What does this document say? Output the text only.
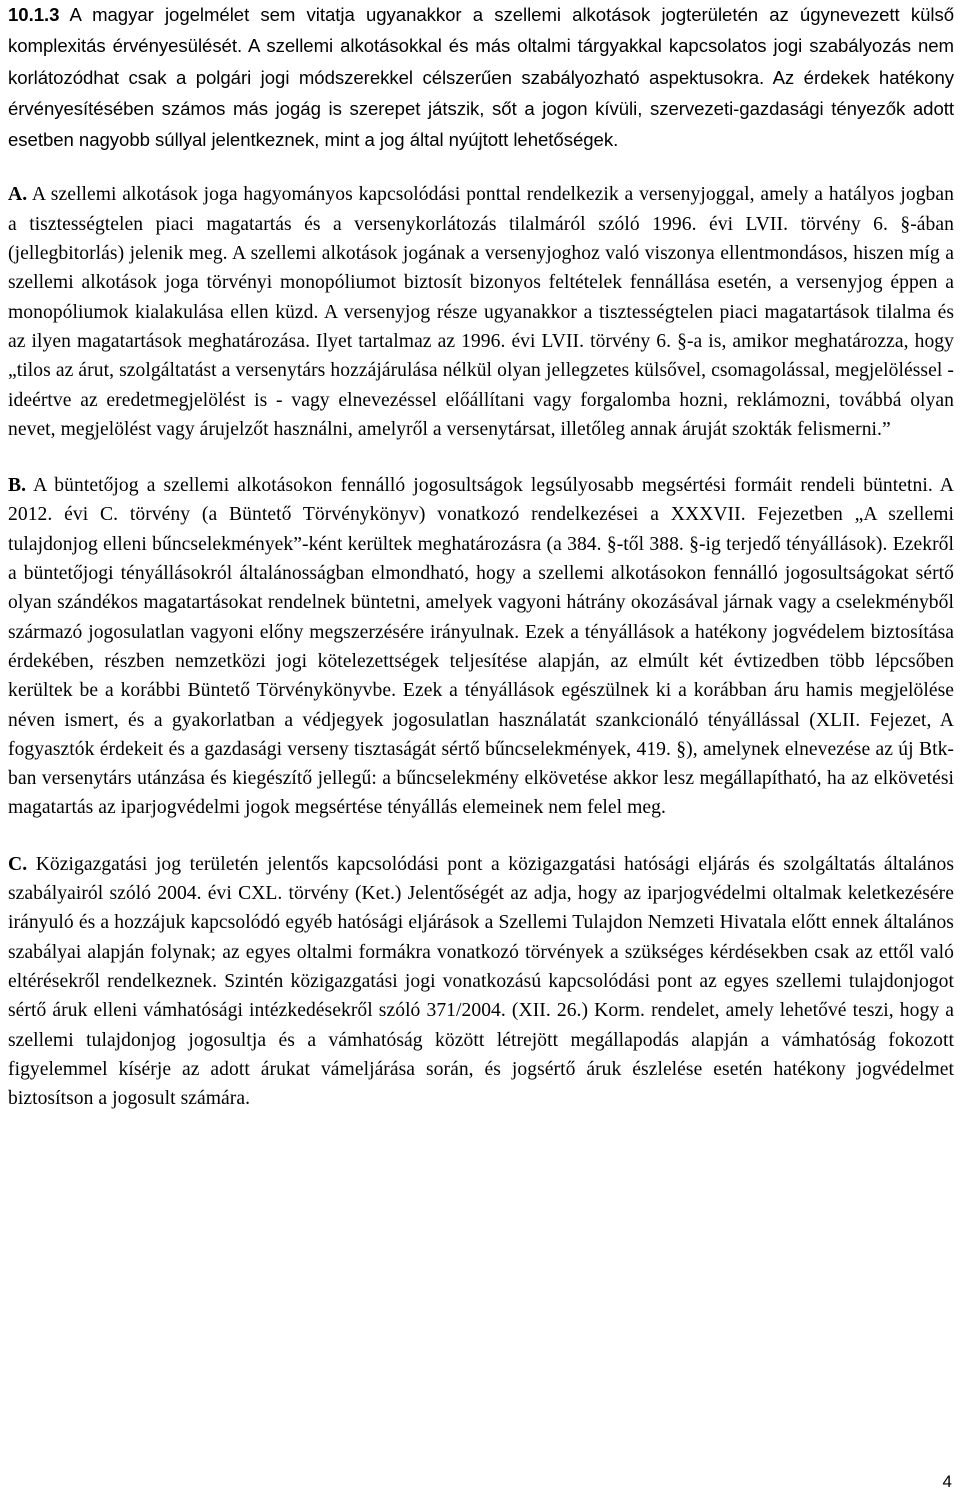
10.1.3 A magyar jogelmélet sem vitatja ugyanakkor a szellemi alkotások jogterületén az úgynevezett külső komplexitás érvényesülését. A szellemi alkotásokkal és más oltalmi tárgyakkal kapcsolatos jogi szabályozás nem korlátozódhat csak a polgári jogi módszerekkel célszerűen szabályozható aspektusokra. Az érdekek hatékony érvényesítésében számos más jogág is szerepet játszik, sőt a jogon kívüli, szervezeti-gazdasági tényezők adott esetben nagyobb súllyal jelentkeznek, mint a jog által nyújtott lehetőségek.

A. A szellemi alkotások joga hagyományos kapcsolódási ponttal rendelkezik a versenyjoggal, amely a hatályos jogban a tisztességtelen piaci magatartás és a versenykorlátozás tilalmáról szóló 1996. évi LVII. törvény 6. §-ában (jellegbitorlás) jelenik meg. A szellemi alkotások jogának a versenyjoghoz való viszonya ellentmondásos, hiszen míg a szellemi alkotások joga törvényi monopóliumot biztosít bizonyos feltételek fennállása esetén, a versenyjog éppen a monopóliumok kialakulása ellen küzd. A versenyjog része ugyanakkor a tisztességtelen piaci magatartások tilalma és az ilyen magatartások meghatározása. Ilyet tartalmaz az 1996. évi LVII. törvény 6. §-a is, amikor meghatározza, hogy „tilos az árut, szolgáltatást a versenytárs hozzájárulása nélkül olyan jellegzetes külsővel, csomagolással, megjelöléssel - ideértve az eredetmegjelölést is - vagy elnevezéssel előállítani vagy forgalomba hozni, reklámozni, továbbá olyan nevet, megjelölést vagy árujelzőt használni, amelyről a versenytársat, illetőleg annak áruját szokták felismerni.”

B. A büntetőjog a szellemi alkotásokon fennálló jogosultságok legsúlyosabb megsértési formáit rendeli büntetni. A 2012. évi C. törvény (a Büntető Törvénykönyv) vonatkozó rendelkezései a XXXVII. Fejezetben „A szellemi tulajdonjog elleni bűncselekmények”-ként kerültek meghatározásra (a 384. §-től 388. §-ig terjedő tényállások). Ezekről a büntetőjogi tényállásokról általánosságban elmondható, hogy a szellemi alkotásokon fennálló jogosultságokat sértő olyan szándékos magatartásokat rendelnek büntetni, amelyek vagyoni hátrány okozásával járnak vagy a cselekményből származó jogosulatlan vagyoni előny megszerzésére irányulnak. Ezek a tényállások a hatékony jogvédelem biztosítása érdekében, részben nemzetközi jogi kötelezettségek teljesítése alapján, az elmúlt két évtizedben több lépcsőben kerültek be a korábbi Büntető Törvénykönyvbe. Ezek a tényállások egészülnek ki a korábban áru hamis megjelölése néven ismert, és a gyakorlatban a védjegyek jogosulatlan használatát szankcionáló tényállással (XLII. Fejezet, A fogyasztók érdekeit és a gazdasági verseny tisztaságát sértő bűncselekmények, 419. §), amelynek elnevezése az új Btk-ban versenytárs utánzása és kiegészítő jellegű: a bűncselekmény elkövetése akkor lesz megállapítható, ha az elkövetési magatartás az iparjogvédelmi jogok megsértése tényállás elemeinek nem felel meg.

C. Közigazgatási jog területén jelentős kapcsolódási pont a közigazgatási hatósági eljárás és szolgáltatás általános szabályairól szóló 2004. évi CXL. törvény (Ket.) Jelentőségét az adja, hogy az iparjogvédelmi oltalmak keletkezésére irányuló és a hozzájuk kapcsolódó egyéb hatósági eljárások a Szellemi Tulajdon Nemzeti Hivatala előtt ennek általános szabályai alapján folynak; az egyes oltalmi formákra vonatkozó törvények a szükséges kérdésekben csak az ettől való eltérésekről rendelkeznek. Szintén közigazgatási jogi vonatkozású kapcsolódási pont az egyes szellemi tulajdonjogot sértő áruk elleni vámhatósági intézkedésekről szóló 371/2004. (XII. 26.) Korm. rendelet, amely lehetővé teszi, hogy a szellemi tulajdonjog jogosultja és a vámhatóság között létrejött megállapodás alapján a vámhatóság fokozott figyelemmel kísérje az adott árukat vámeljárása során, és jogsértő áruk észlelése esetén hatékony jogvédelmet biztosítson a jogosult számára.

4
